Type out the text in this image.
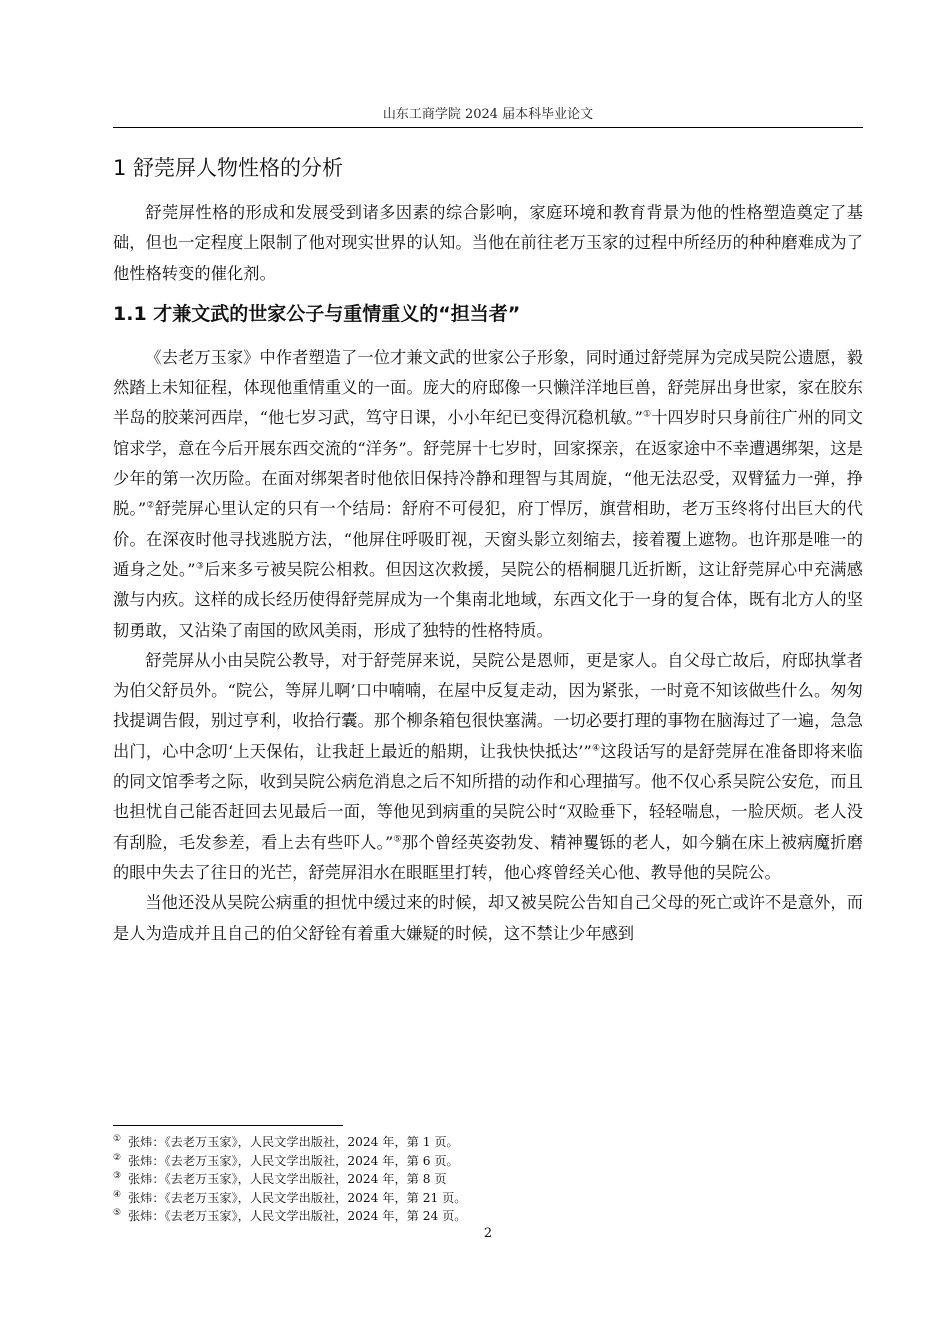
山东工商学院 2024 届本科毕业论文
1 舒莞屏人物性格的分析

舒莞屏性格的形成和发展受到诸多因素的综合影响，家庭环境和教育背景为他的性格塑造奠定了基础，但也一定程度上限制了他对现实世界的认知。当他在前往老万玉家的过程中所经历的种种磨难成为了他性格转变的催化剂。

1.1 才兼文武的世家公子与重情重义的“担当者”

《去老万玉家》中作者塑造了一位才兼文武的世家公子形象，同时通过舒莞屏为完成吴院公遗愿，毅然踏上未知征程，体现他重情重义的一面。庞大的府邸像一只懒洋洋地巨兽，舒莞屏出身世家，家在胶东半岛的胶莱河西岸，“他七岁习武，笃守日课，小小年纪已变得沉稳机敏。”①十四岁时只身前往广州的同文馆求学，意在今后开展东西交流的“洋务”。舒莞屏十七岁时，回家探亲，在返家途中不幸遭遇绑架，这是少年的第一次历险。在面对绑架者时他依旧保持冷静和理智与其周旋，“他无法忍受，双臂猛力一弹，挣脱。”②舒莞屏心里认定的只有一个结局：舒府不可侵犯，府丁悍厉，旗营相助，老万玉终将付出巨大的代价。在深夜时他寻找逃脱方法，“他屏住呼吸盯视，天窗头影立刻缩去，接着覆上遮物。也许那是唯一的遁身之处。”③后来多亏被吴院公相救。但因这次救援，吴院公的梧桐腿几近折断，这让舒莞屏心中充满感激与内疚。这样的成长经历使得舒莞屏成为一个集南北地域，东西文化于一身的复合体，既有北方人的坚韧勇敢，又沾染了南国的欧风美雨，形成了独特的性格特质。

舒莞屏从小由吴院公教导，对于舒莞屏来说，吴院公是恩师，更是家人。自父母亡故后，府邸执掌者为伯父舒员外。“院公，等屏儿啊’口中喃喃，在屋中反复走动，因为紧张，一时竟不知该做些什么。匆匆找提调告假，别过亨利，收拾行囊。那个柳条箱包很快塞满。一切必要打理的事物在脑海过了一遍，急急出门，心中念叨‘上天保佑，让我赶上最近的船期，让我快快抵达’”④这段话写的是舒莞屏在准备即将来临的同文馆季考之际，收到吴院公病危消息之后不知所措的动作和心理描写。他不仅心系吴院公安危，而且也担忧自己能否赶回去见最后一面，等他见到病重的吴院公时“双睑垂下，轻轻喘息，一脸厌烦。老人没有刮脸，毛发参差，看上去有些吓人。”⑤那个曾经英姿勃发、精神矍铄的老人，如今躺在床上被病魔折磨的眼中失去了往日的光芒，舒莞屏泪水在眼眶里打转，他心疼曾经关心他、教导他的吴院公。

当他还没从吴院公病重的担忧中缓过来的时候，却又被吴院公告知自己父母的死亡或许不是意外，而是人为造成并且自己的伯父舒铨有着重大嫌疑的时候，这不禁让少年感到

① 张炜：《去老万玉家》，人民文学出版社，2024 年，第 1 页。
② 张炜：《去老万玉家》，人民文学出版社，2024 年，第 6 页。
③ 张炜：《去老万玉家》，人民文学出版社，2024 年，第 8 页
④ 张炜：《去老万玉家》，人民文学出版社，2024 年，第 21 页。
⑤ 张炜：《去老万玉家》，人民文学出版社，2024 年，第 24 页。
2
